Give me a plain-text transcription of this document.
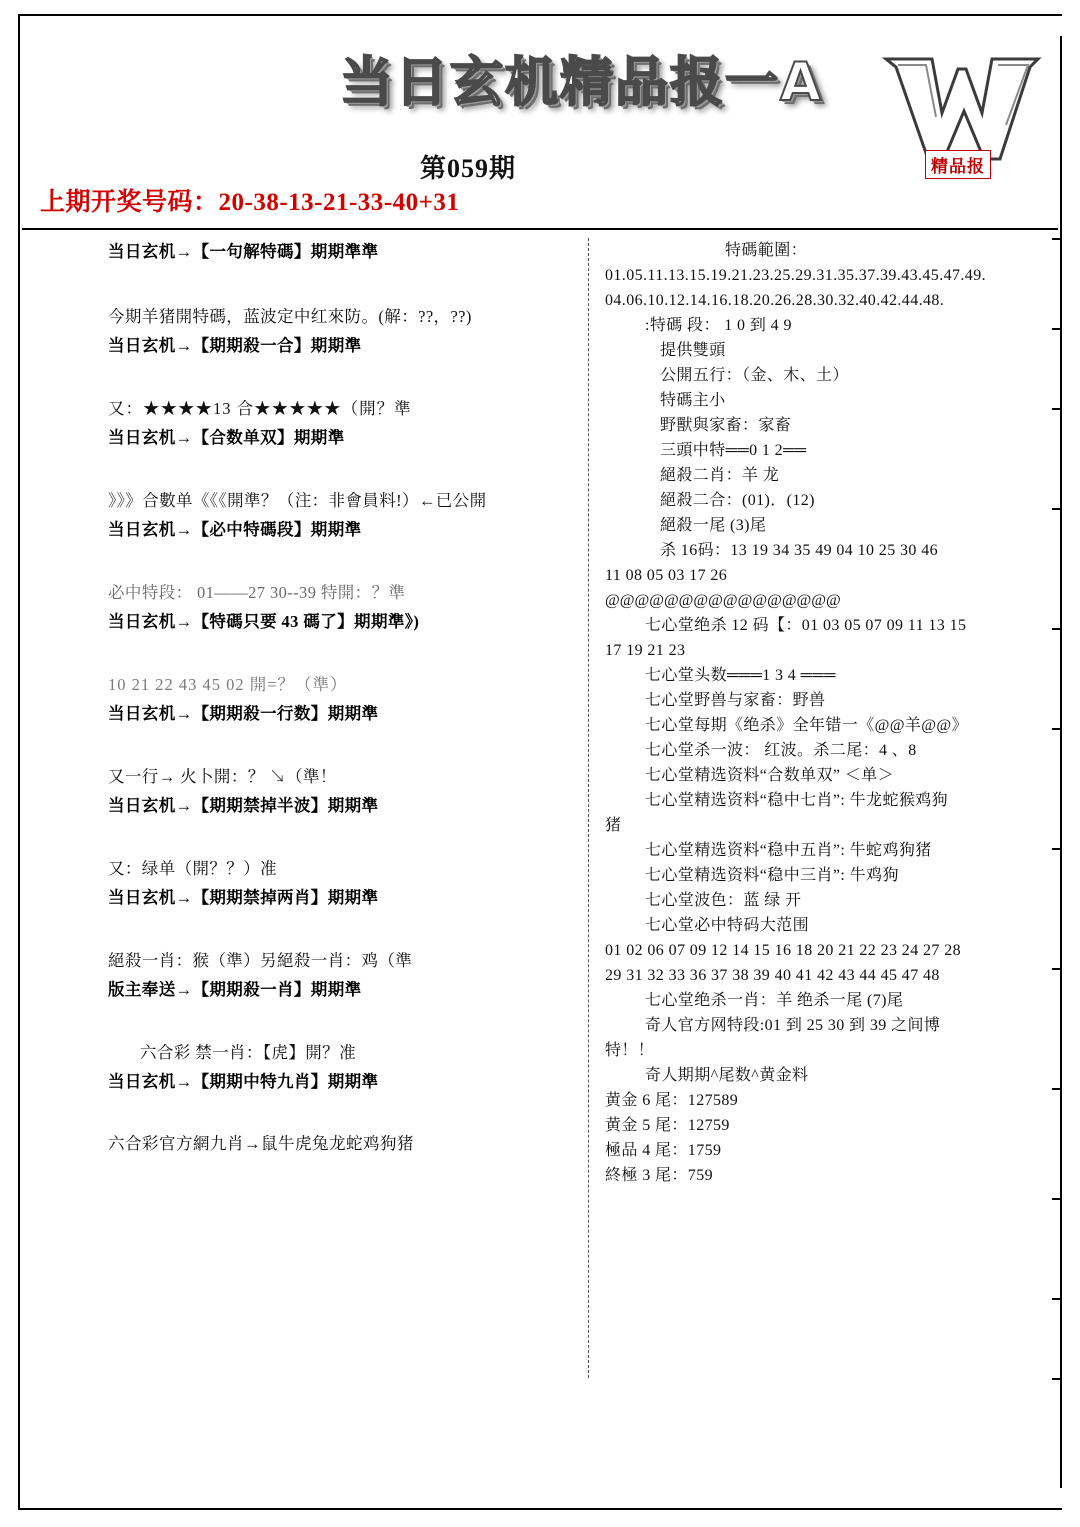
当日玄机精品报一A
精品报
第059期
上期开奖号码：20-38-13-21-33-40+31
当日玄机→【一句解特碼】期期準準
今期羊猪開特碼，蓝波定中红來防。(解：??，??)
当日玄机→【期期殺一合】期期準
又：★★★★13 合★★★★★（開？準
当日玄机→【合数单双】期期準
》》》合數单《《《開準？（注：非會員料!）←已公開
当日玄机→【必中特碼段】期期準
必中特段： 01——27 30--39 特開：？準
当日玄机→【特碼只要 43 碼了】期期準》)
10 21 22 43 45 02 開=？（準）
当日玄机→【期期殺一行数】期期準
又一行→ 火卜開：？ ↘（準！
当日玄机→【期期禁掉半波】期期準
又：绿单（開？？）准
当日玄机→【期期禁掉两肖】期期準
絕殺一肖：猴（準）另絕殺一肖：鸡（準
版主奉送→【期期殺一肖】期期準
六合彩 禁一肖：【虎】開？准
当日玄机→【期期中特九肖】期期準
六合彩官方網九肖→鼠牛虎兔龙蛇鸡狗猪
特碼範圍：
01.05.11.13.15.19.21.23.25.29.31.35.37.39.43.45.47.49.
04.06.10.12.14.16.18.20.26.28.30.32.40.42.44.48.
:特碼 段： 1 0 到 4 9
提供雙頭
公開五行：（金、木、土）
特碼主小
野獸與家畜：家畜
三頭中特══0 1 2══
絕殺二肖：羊 龙
絕殺二合：(01)．(12)
絕殺一尾 (3)尾
杀 16码：13 19 34 35 49 04 10 25 30 46
11 08 05 03 17 26
@@@@@@@@@@@@@@@@
七心堂绝杀 12 码【：01 03 05 07 09 11 13 15
17 19 21 23
七心堂头数═══1 3 4 ═══
七心堂野兽与家畜：野兽
七心堂每期《绝杀》全年错一《@@羊@@》
七心堂杀一波： 红波。杀二尾：4 、8
七心堂精选资料“合数单双” ＜单＞
七心堂精选资料“稳中七肖”: 牛龙蛇猴鸡狗
猪
七心堂精选资料“稳中五肖”: 牛蛇鸡狗猪
七心堂精选资料“稳中三肖”: 牛鸡狗
七心堂波色：蓝 绿 开
七心堂必中特码大范围
01 02 06 07 09 12 14 15 16 18 20 21 22 23 24 27 28
29 31 32 33 36 37 38 39 40 41 42 43 44 45 47 48
七心堂绝杀一肖：羊 绝杀一尾 (7)尾
奇人官方网特段:01 到 25 30 到 39 之间博
特！！
奇人期期^尾数^黄金料
黄金 6 尾：127589
黄金 5 尾：12759
極品 4 尾：1759
終極 3 尾：759
